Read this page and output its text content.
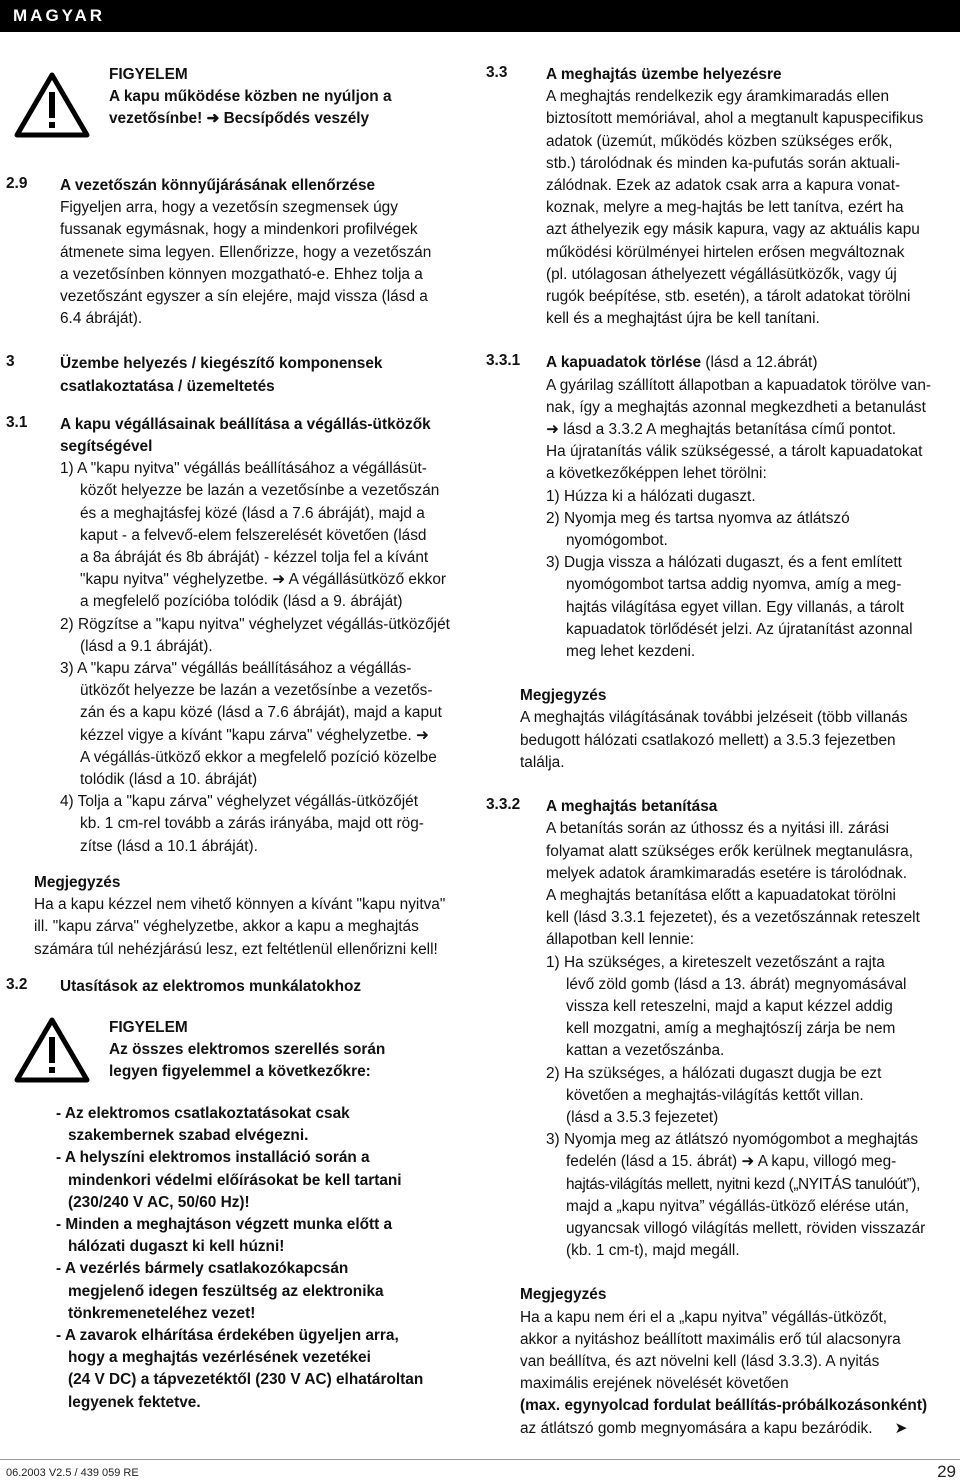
MAGYAR
FIGYELEM
A kapu működése közben ne nyúljon a
vezetősínbe! ➜ Becsípődés veszély
2.9 A vezetőszán könnyűjárásának ellenőrzése
Figyeljen arra, hogy a vezetősín szegmensek úgy
fussanak egymásnak, hogy a mindenkori profilvégek
átmenete sima legyen. Ellenőrizze, hogy a vezetőszán
a vezetősínben könnyen mozgatható-e. Ehhez tolja a
vezetőszánt egyszer a sín elejére, majd vissza (lásd a
6.4 ábráját).
3	Üzembe helyezés / kiegészítő komponensek
csatlakoztatása / üzemeltetés
3.1 A kapu végállásainak beállítása a végállás-ütközők
segítségével
1) A "kapu nyitva" végállás beállításához a végállásüt-
közőt helyezze be lazán a vezetősínbe a vezetőszán
és a meghajtásfej közé (lásd a 7.6 ábráját), majd a
kaput - a felvevő-elem felszerelését követően (lásd
a 8a ábráját és 8b ábráját) - kézzel tolja fel a kívánt
"kapu nyitva" véghelyzetbe. ➜ A végállásütköző ekkor
a megfelelő pozícióba tolódik (lásd a 9. ábráját)
2) Rögzítse a "kapu nyitva" véghelyzet végállás-ütközőjét
(lásd a 9.1 ábráját).
3) A "kapu zárva" végállás beállításához a végállás-
ütközőt helyezze be lazán a vezetősínbe a vezetős-
zán és a kapu közé (lásd a 7.6 ábráját), majd a kaput
kézzel vigye a kívánt "kapu zárva" véghelyzetbe. ➜
A végállás-ütköző ekkor a megfelelő pozíció közelbe
tolódik (lásd a 10. ábráját)
4) Tolja a "kapu zárva" véghelyzet végállás-ütközőjét
kb. 1 cm-rel tovább a zárás irányába, majd ott rög-
zítse (lásd a 10.1 ábráját).
Megjegyzés
Ha a kapu kézzel nem vihető könnyen a kívánt "kapu nyitva"
ill. "kapu zárva" véghelyzetbe, akkor a kapu a meghajtás
számára túl nehézjárású lesz, ezt feltétlenül ellenőrizni kell!
3.2 Utasítások az elektromos munkálatokhoz
FIGYELEM
Az összes elektromos szerellés során
legyen figyelemmel a következőkre:
- Az elektromos csatlakoztatásokat csak
szakembernek szabad elvégezni.
- A helyszíni elektromos installáció során a
mindenkori védelmi előírásokat be kell tartani
(230/240 V AC, 50/60 Hz)!
- Minden a meghajtáson végzett munka előtt a
hálózati dugaszt ki kell húzni!
- A vezérlés bármely csatlakozókapcsán
megjelenő idegen feszültség az elektronika
tönkremeneteléhez vezet!
- A zavarok elhárítása érdekében ügyeljen arra,
hogy a meghajtás vezérlésének vezetékei
(24 V DC) a tápvezetéktől (230 V AC) elhatároltan
legyenek fektetve.
3.3	A meghajtás üzembe helyezésre
A meghajtás rendelkezik egy áramkimaradás ellen
biztosított memóriával, ahol a megtanult kapuspecifikus
adatok (üzemút, működés közben szükséges erők,
stb.) tárolódnak és minden ka-pufutás során aktuali-
zálódnak. Ezek az adatok csak arra a kapura vonat-
koznak, melyre a meg-hajtás be lett tanítva, ezért ha
azt áthelyezik egy másik kapura, vagy az aktuális kapu
működési körülményei hirtelen erősen megváltoznak
(pl. utólagosan áthelyezett végállásütközők, vagy új
rugók beépítése, stb. esetén), a tárolt adatokat törölni
kell és a meghajtást újra be kell tanítani.
3.3.1 A kapuadatok törlése (lásd a 12.ábrát)
A gyárilag szállított állapotban a kapuadatok törölve van-
nak, így a meghajtás azonnal megkezdheti a betanulást
➜ lásd a 3.3.2 A meghajtás betanítása című pontot.
Ha újratanítás válik szükségessé, a tárolt kapuadatokat
a következőképpen lehet törölni:
1) Húzza ki a hálózati dugaszt.
2) Nyomja meg és tartsa nyomva az átlátszó
nyomógombot.
3) Dugja vissza a hálózati dugaszt, és a fent említett
nyomógombot tartsa addig nyomva, amíg a meg-
hajtás világítása egyet villan. Egy villanás, a tárolt
kapuadatok törlődését jelzi. Az újratanítást azonnal
meg lehet kezdeni.
Megjegyzés
A meghajtás világításának további jelzéseit (több villanás
bedugott hálózati csatlakozó mellett) a 3.5.3 fejezetben
találja.
3.3.2 A meghajtás betanítása
A betanítás során az úthossz és a nyitási ill. zárási
folyamat alatt szükséges erők kerülnek megtanulásra,
melyek adatok áramkimaradás esetére is tárolódnak.
A meghajtás betanítása előtt a kapuadatokat törölni
kell (lásd 3.3.1 fejezetet), és a vezetőszánnak reteszelt
állapotban kell lennie:
1) Ha szükséges, a kireteszelt vezetőszánt a rajta
lévő zöld gomb (lásd a 13. ábrát) megnyomásával
vissza kell reteszelni, majd a kaput kézzel addig
kell mozgatni, amíg a meghajtószíj zárja be nem
kattan a vezetőszánba.
2) Ha szükséges, a hálózati dugaszt dugja be ezt
követően a meghajtás-világítás kettőt villan.
(lásd a 3.5.3 fejezetet)
3) Nyomja meg az átlátszó nyomógombot a meghajtás
fedelén (lásd a 15. ábrát) ➜ A kapu, villogó meg-
hajtás-világítás mellett, nyitni kezd („NYITÁS tanulóút”),
majd a „kapu nyitva” végállás-ütköző elérése után,
ugyancsak villogó világítás mellett, röviden visszazár
(kb. 1 cm-t), majd megáll.
Megjegyzés
Ha a kapu nem éri el a „kapu nyitva” végállás-ütközőt,
akkor a nyitáshoz beállított maximális erő túl alacsonyra
van beállítva, és azt növelni kell (lásd 3.3.3). A nyitás
maximális erejének növelését követően
(max. egynyolcad fordulat beállítás-próbálkozásonként)
az átlátszó gomb megnyomására a kapu bezáródik. ➤
06.2003 V2.5 / 439 059 RE	29
